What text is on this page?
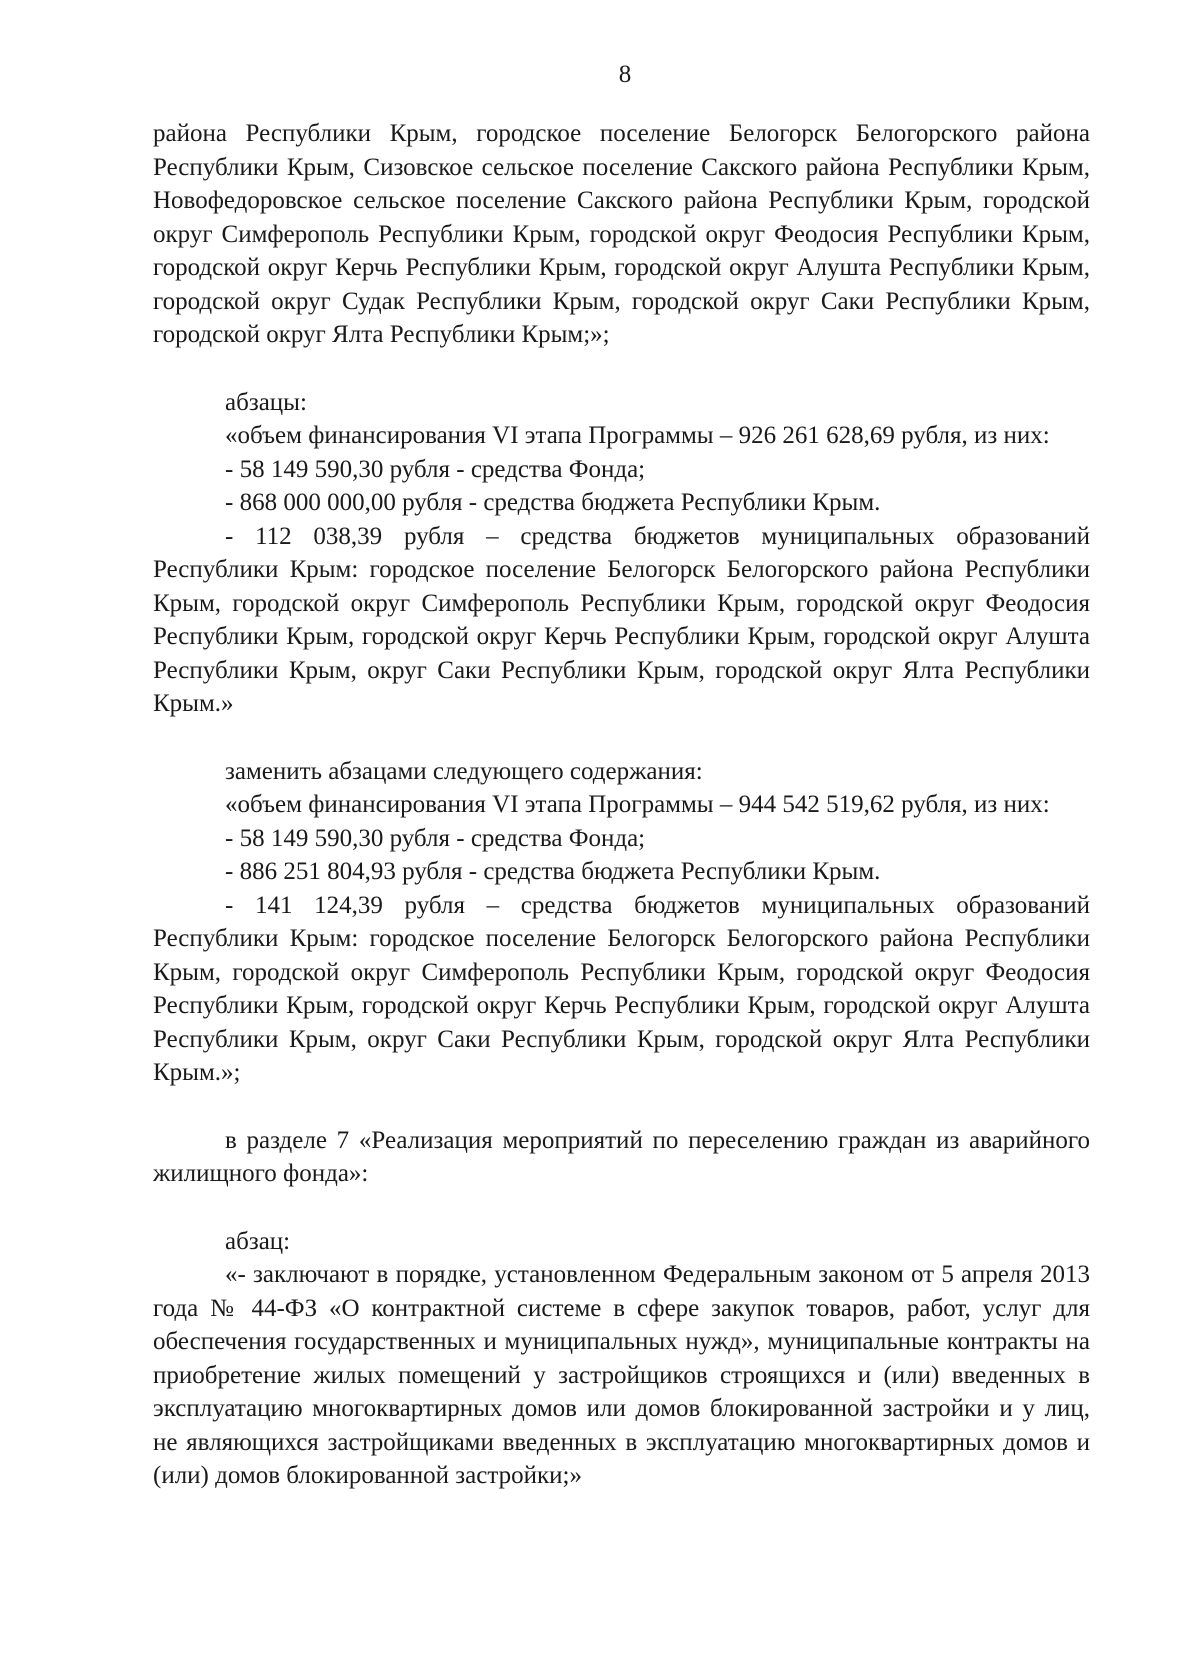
8

района Республики Крым, городское поселение Белогорск Белогорского района Республики Крым, Сизовское сельское поселение Сакского района Республики Крым, Новофедоровское сельское поселение Сакского района Республики Крым, городской округ Симферополь Республики Крым, городской округ Феодосия Республики Крым, городской округ Керчь Республики Крым, городской округ Алушта Республики Крым, городской округ Судак Республики Крым, городской округ Саки Республики Крым, городской округ Ялта Республики Крым;»;

абзацы:

«объем финансирования VI этапа Программы – 926 261 628,69 рубля, из них:

- 58 149 590,30 рубля - средства Фонда;

- 868 000 000,00 рубля - средства бюджета Республики Крым.

- 112 038,39 рубля – средства бюджетов муниципальных образований Республики Крым: городское поселение Белогорск Белогорского района Республики Крым, городской округ Симферополь Республики Крым, городской округ Феодосия Республики Крым, городской округ Керчь Республики Крым, городской округ Алушта Республики Крым, округ Саки Республики Крым, городской округ Ялта Республики Крым.»

заменить абзацами следующего содержания:

«объем финансирования VI этапа Программы – 944 542 519,62 рубля, из них:

- 58 149 590,30 рубля - средства Фонда;

- 886 251 804,93 рубля - средства бюджета Республики Крым.

- 141 124,39 рубля – средства бюджетов муниципальных образований Республики Крым: городское поселение Белогорск Белогорского района Республики Крым, городской округ Симферополь Республики Крым, городской округ Феодосия Республики Крым, городской округ Керчь Республики Крым, городской округ Алушта Республики Крым, округ Саки Республики Крым, городской округ Ялта Республики Крым.»;

в разделе 7 «Реализация мероприятий по переселению граждан из аварийного жилищного фонда»:

абзац:

«- заключают в порядке, установленном Федеральным законом от 5 апреля 2013 года № 44-ФЗ «О контрактной системе в сфере закупок товаров, работ, услуг для обеспечения государственных и муниципальных нужд», муниципальные контракты на приобретение жилых помещений у застройщиков строящихся и (или) введенных в эксплуатацию многоквартирных домов или домов блокированной застройки и у лиц, не являющихся застройщиками введенных в эксплуатацию многоквартирных домов и (или) домов блокированной застройки;»
